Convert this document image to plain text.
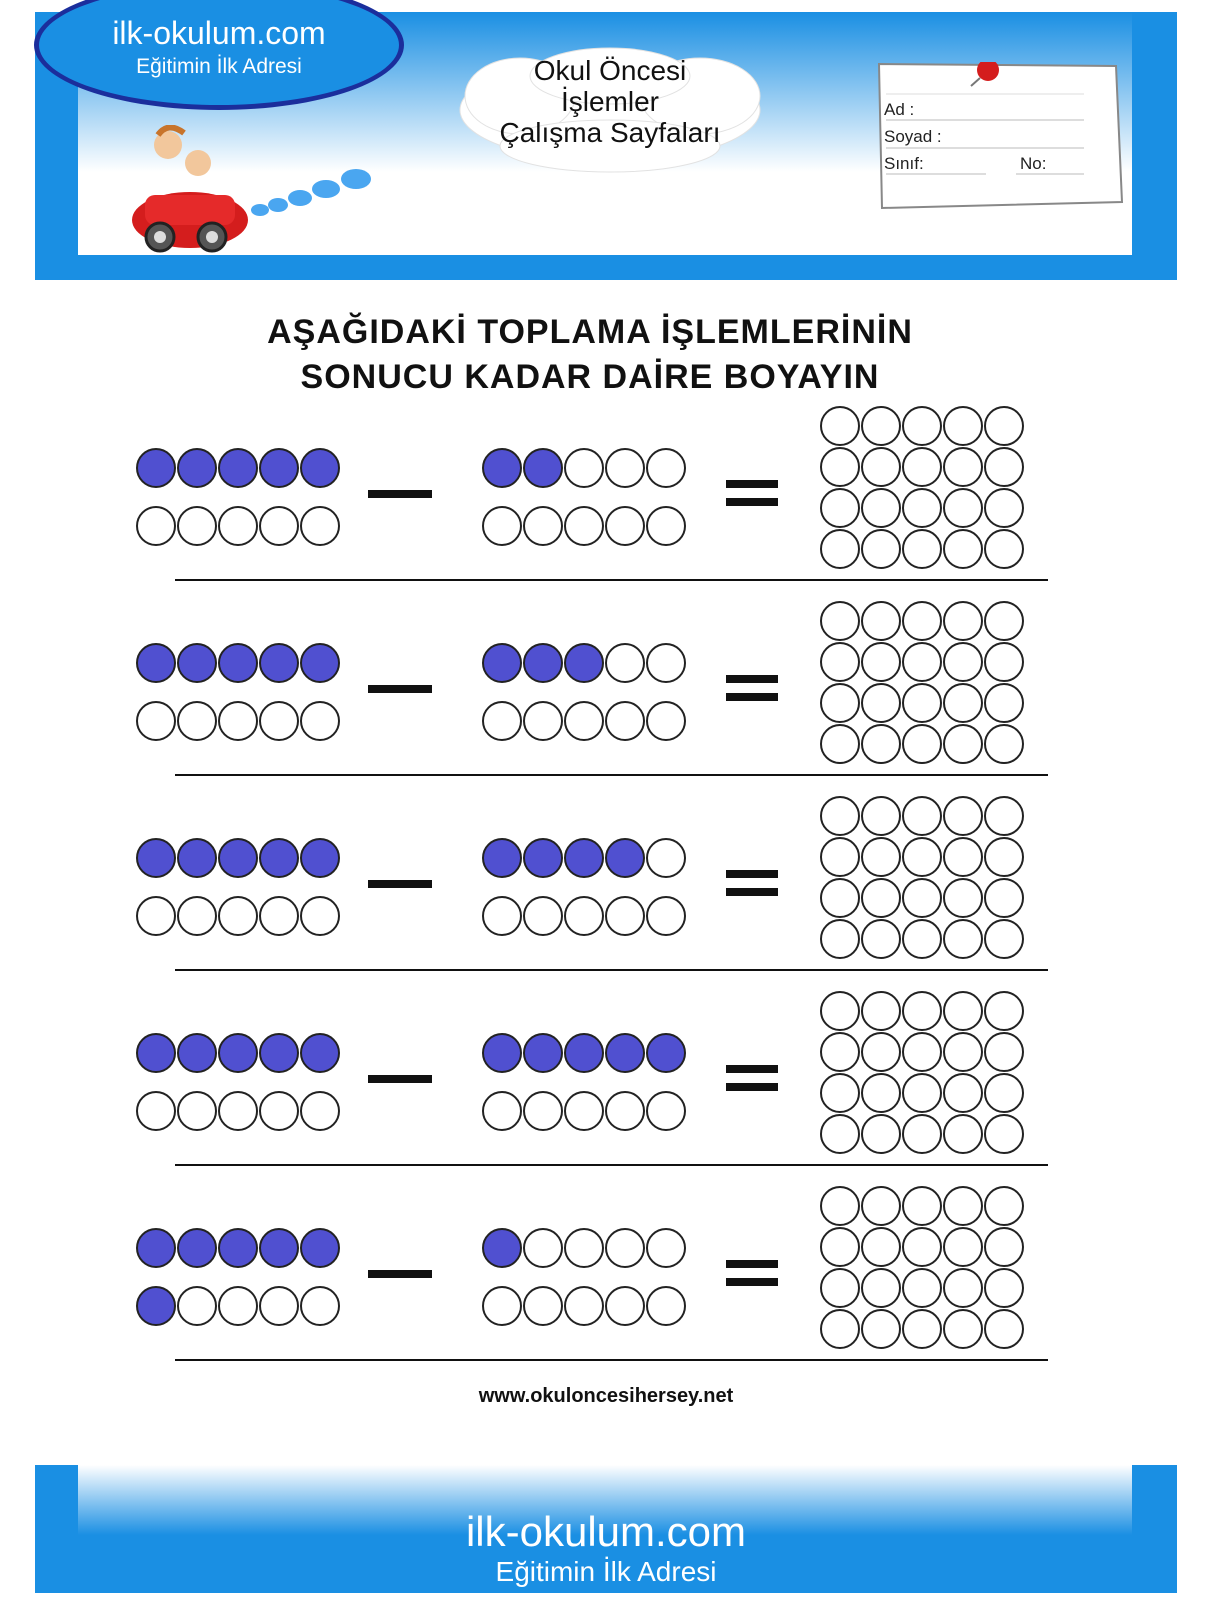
ilk-okulum.com
Eğitimin İlk Adresi	Okul Öncesi
İşlemler
Çalışma Sayfaları
Ad :
Soyad :
Sınıf:	No:
AŞAĞIDAKİ TOPLAMA İŞLEMLERİNİN
SONUCU KADAR DAİRE BOYAYIN
www.okuloncesihersey.net
ilk-okulum.com
Eğitimin İlk Adresi
